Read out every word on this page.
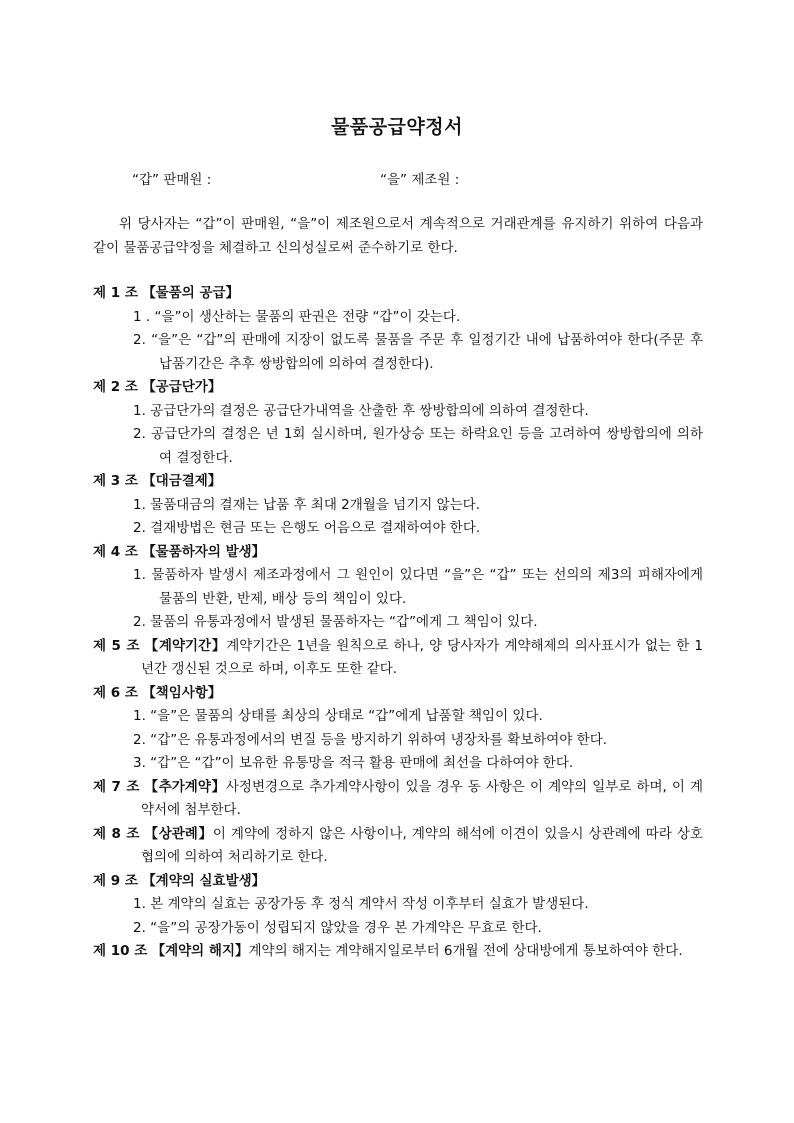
물품공급약정서
“갑” 판매원 :	“을” 제조원 :
위 당사자는 “갑”이 판매원, “을”이 제조원으로서 계속적으로 거래관계를 유지하기 위하여 다음과 같이 물품공급약정을 체결하고 신의성실로써 준수하기로 한다.
제 1 조 【물품의 공급】
1 . “을”이 생산하는 물품의 판권은 전량 “갑”이 갖는다.
2. “을”은 “갑”의 판매에 지장이 없도록 물품을 주문 후 일정기간 내에 납품하여야 한다(주문 후 납품기간은 추후 쌍방합의에 의하여 결정한다).
제 2 조 【공급단가】
1. 공급단가의 결정은 공급단가내역을 산출한 후 쌍방합의에 의하여 결정한다.
2. 공급단가의 결정은 년 1회 실시하며, 원가상승 또는 하락요인 등을 고려하여 쌍방합의에 의하여 결정한다.
제 3 조 【대금결제】
1. 물품대금의 결재는 납품 후 최대 2개월을 넘기지 않는다.
2. 결재방법은 현금 또는 은행도 어음으로 결재하여야 한다.
제 4 조 【물품하자의 발생】
1. 물품하자 발생시 제조과정에서 그 원인이 있다면 “을”은 “갑” 또는 선의의 제3의 피해자에게 물품의 반환, 반제, 배상 등의 책임이 있다.
2. 물품의 유통과정에서 발생된 물품하자는 “갑”에게 그 책임이 있다.
제 5 조 【계약기간】계약기간은 1년을 원칙으로 하나, 양 당사자가 계약해제의 의사표시가 없는 한 1년간 갱신된 것으로 하며, 이후도 또한 같다.
제 6 조 【책임사항】
1. “을”은 물품의 상태를 최상의 상태로 “갑”에게 납품할 책임이 있다.
2. “갑”은 유통과정에서의 변질 등을 방지하기 위하여 냉장차를 확보하여야 한다.
3. “갑”은 “갑”이 보유한 유통망을 적극 활용 판매에 최선을 다하여야 한다.
제 7 조 【추가계약】사정변경으로 추가계약사항이 있을 경우 동 사항은 이 계약의 일부로 하며, 이 계약서에 첨부한다.
제 8 조 【상관례】이 계약에 정하지 않은 사항이나, 계약의 해석에 이견이 있을시 상관례에 따라 상호협의에 의하여 처리하기로 한다.
제 9 조 【계약의 실효발생】
1. 본 계약의 실효는 공장가동 후 정식 계약서 작성 이후부터 실효가 발생된다.
2. “을”의 공장가동이 성립되지 않았을 경우 본 가계약은 무효로 한다.
제 10 조 【계약의 해지】계약의 해지는 계약해지일로부터 6개월 전에 상대방에게 통보하여야 한다.
